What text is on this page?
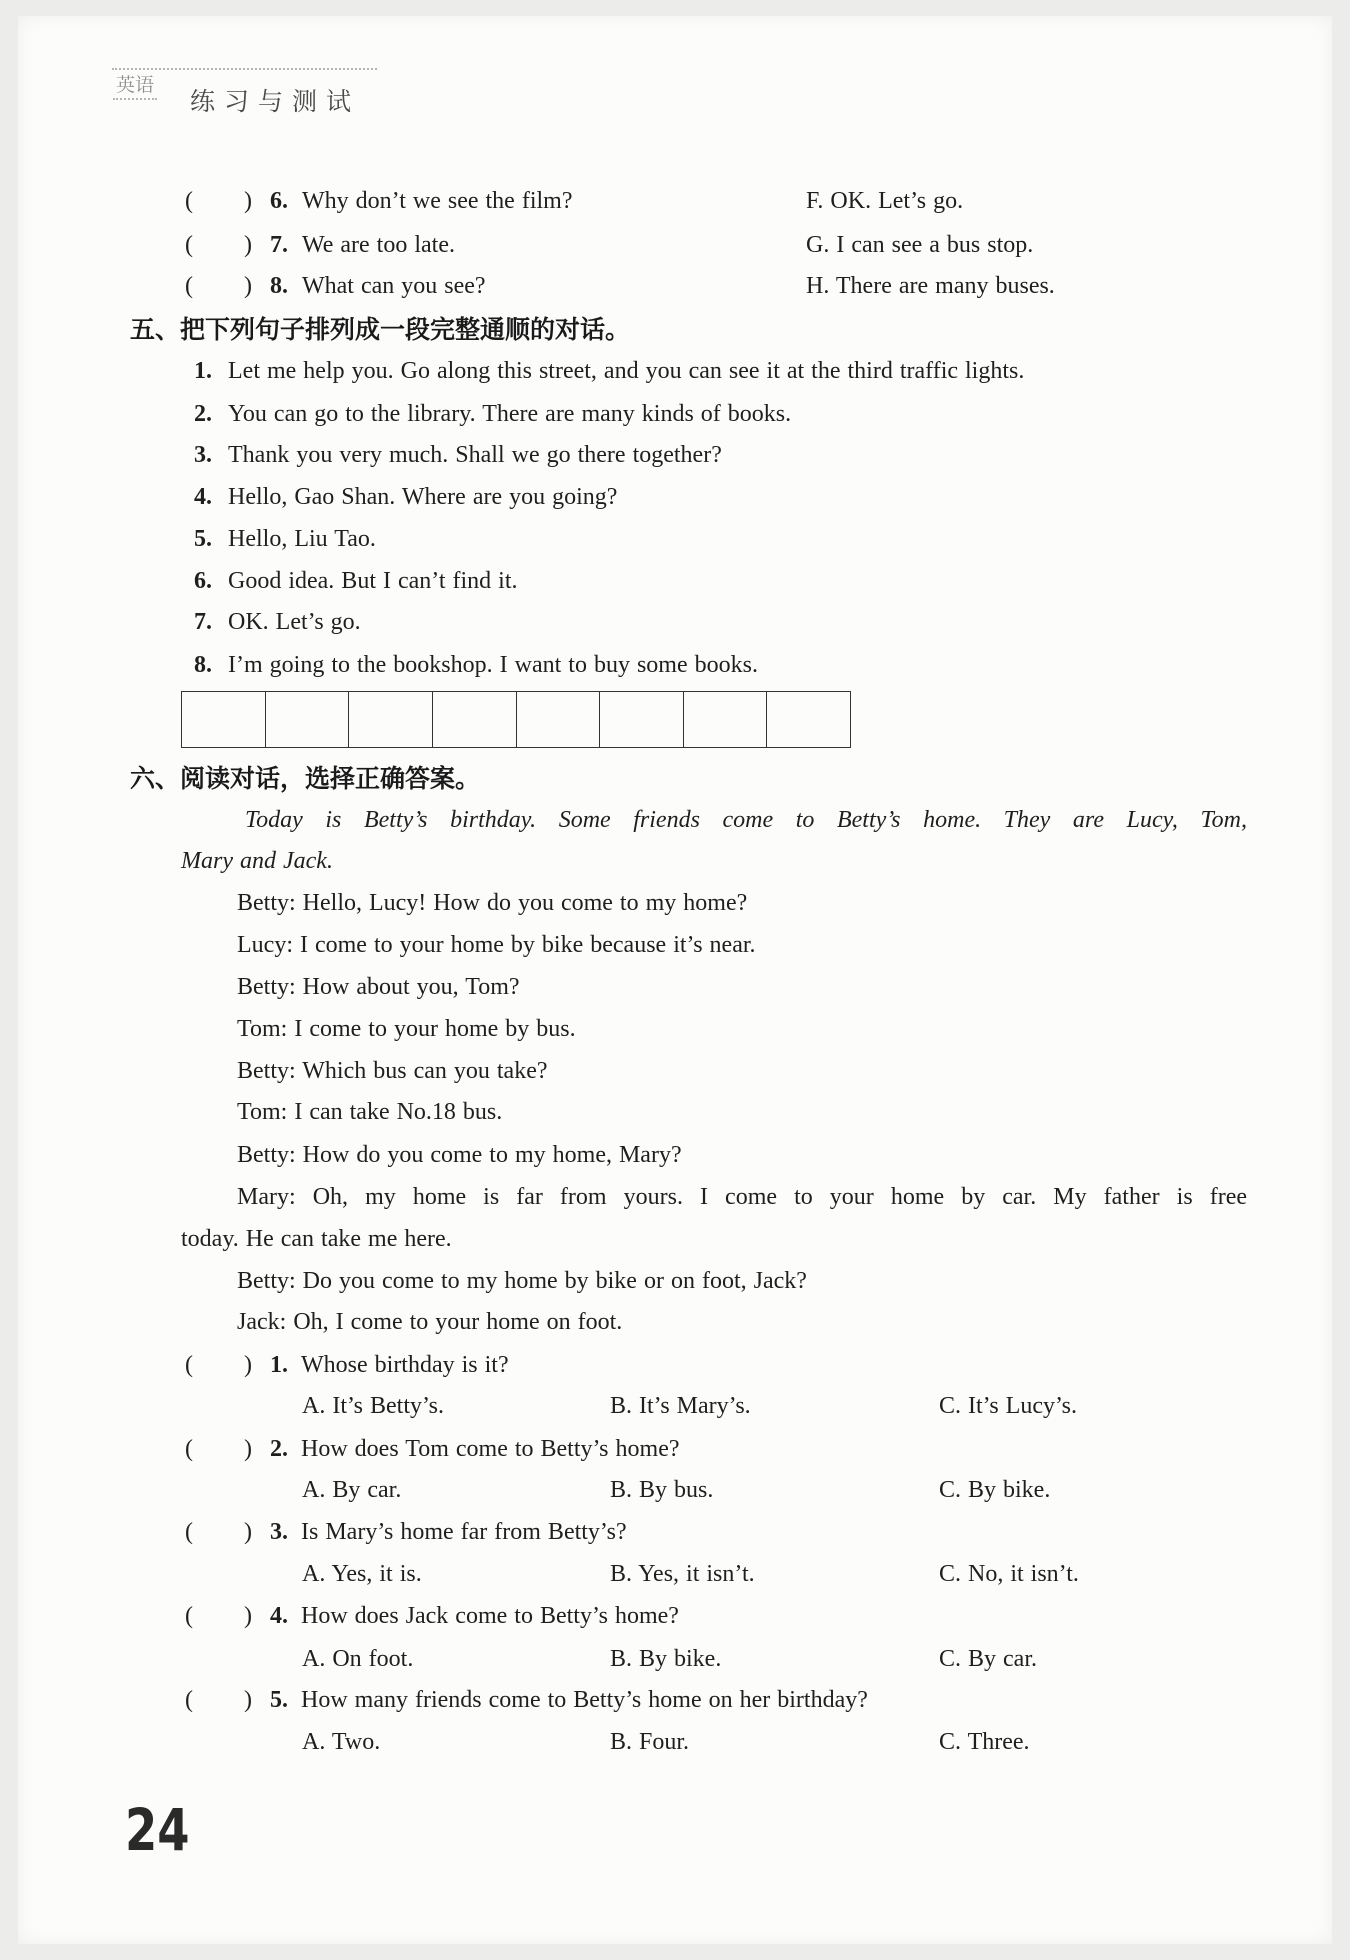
英语
练习与测试
( ) 6. Why don’t we see the film?	F. OK. Let’s go.
( ) 7. We are too late.	G. I can see a bus stop.
( ) 8. What can you see?	H. There are many buses.
五、把下列句子排列成一段完整通顺的对话。
1. Let me help you. Go along this street, and you can see it at the third traffic lights.
2. You can go to the library. There are many kinds of books.
3. Thank you very much. Shall we go there together?
4. Hello, Gao Shan. Where are you going?
5. Hello, Liu Tao.
6. Good idea. But I can’t find it.
7. OK. Let’s go.
8. I’m going to the bookshop. I want to buy some books.
六、阅读对话，选择正确答案。
Today is Betty’s birthday. Some friends come to Betty’s home. They are Lucy, Tom,
Mary and Jack.
Betty: Hello, Lucy! How do you come to my home?
Lucy: I come to your home by bike because it’s near.
Betty: How about you, Tom?
Tom: I come to your home by bus.
Betty: Which bus can you take?
Tom: I can take No.18 bus.
Betty: How do you come to my home, Mary?
Mary: Oh, my home is far from yours. I come to your home by car. My father is free
today. He can take me here.
Betty: Do you come to my home by bike or on foot, Jack?
Jack: Oh, I come to your home on foot.
( ) 1. Whose birthday is it?
A. It’s Betty’s.	B. It’s Mary’s.	C. It’s Lucy’s.
( ) 2. How does Tom come to Betty’s home?
A. By car.	B. By bus.	C. By bike.
( ) 3. Is Mary’s home far from Betty’s?
A. Yes, it is.	B. Yes, it isn’t.	C. No, it isn’t.
( ) 4. How does Jack come to Betty’s home?
A. On foot.	B. By bike.	C. By car.
( ) 5. How many friends come to Betty’s home on her birthday?
A. Two.	B. Four.	C. Three.
24
